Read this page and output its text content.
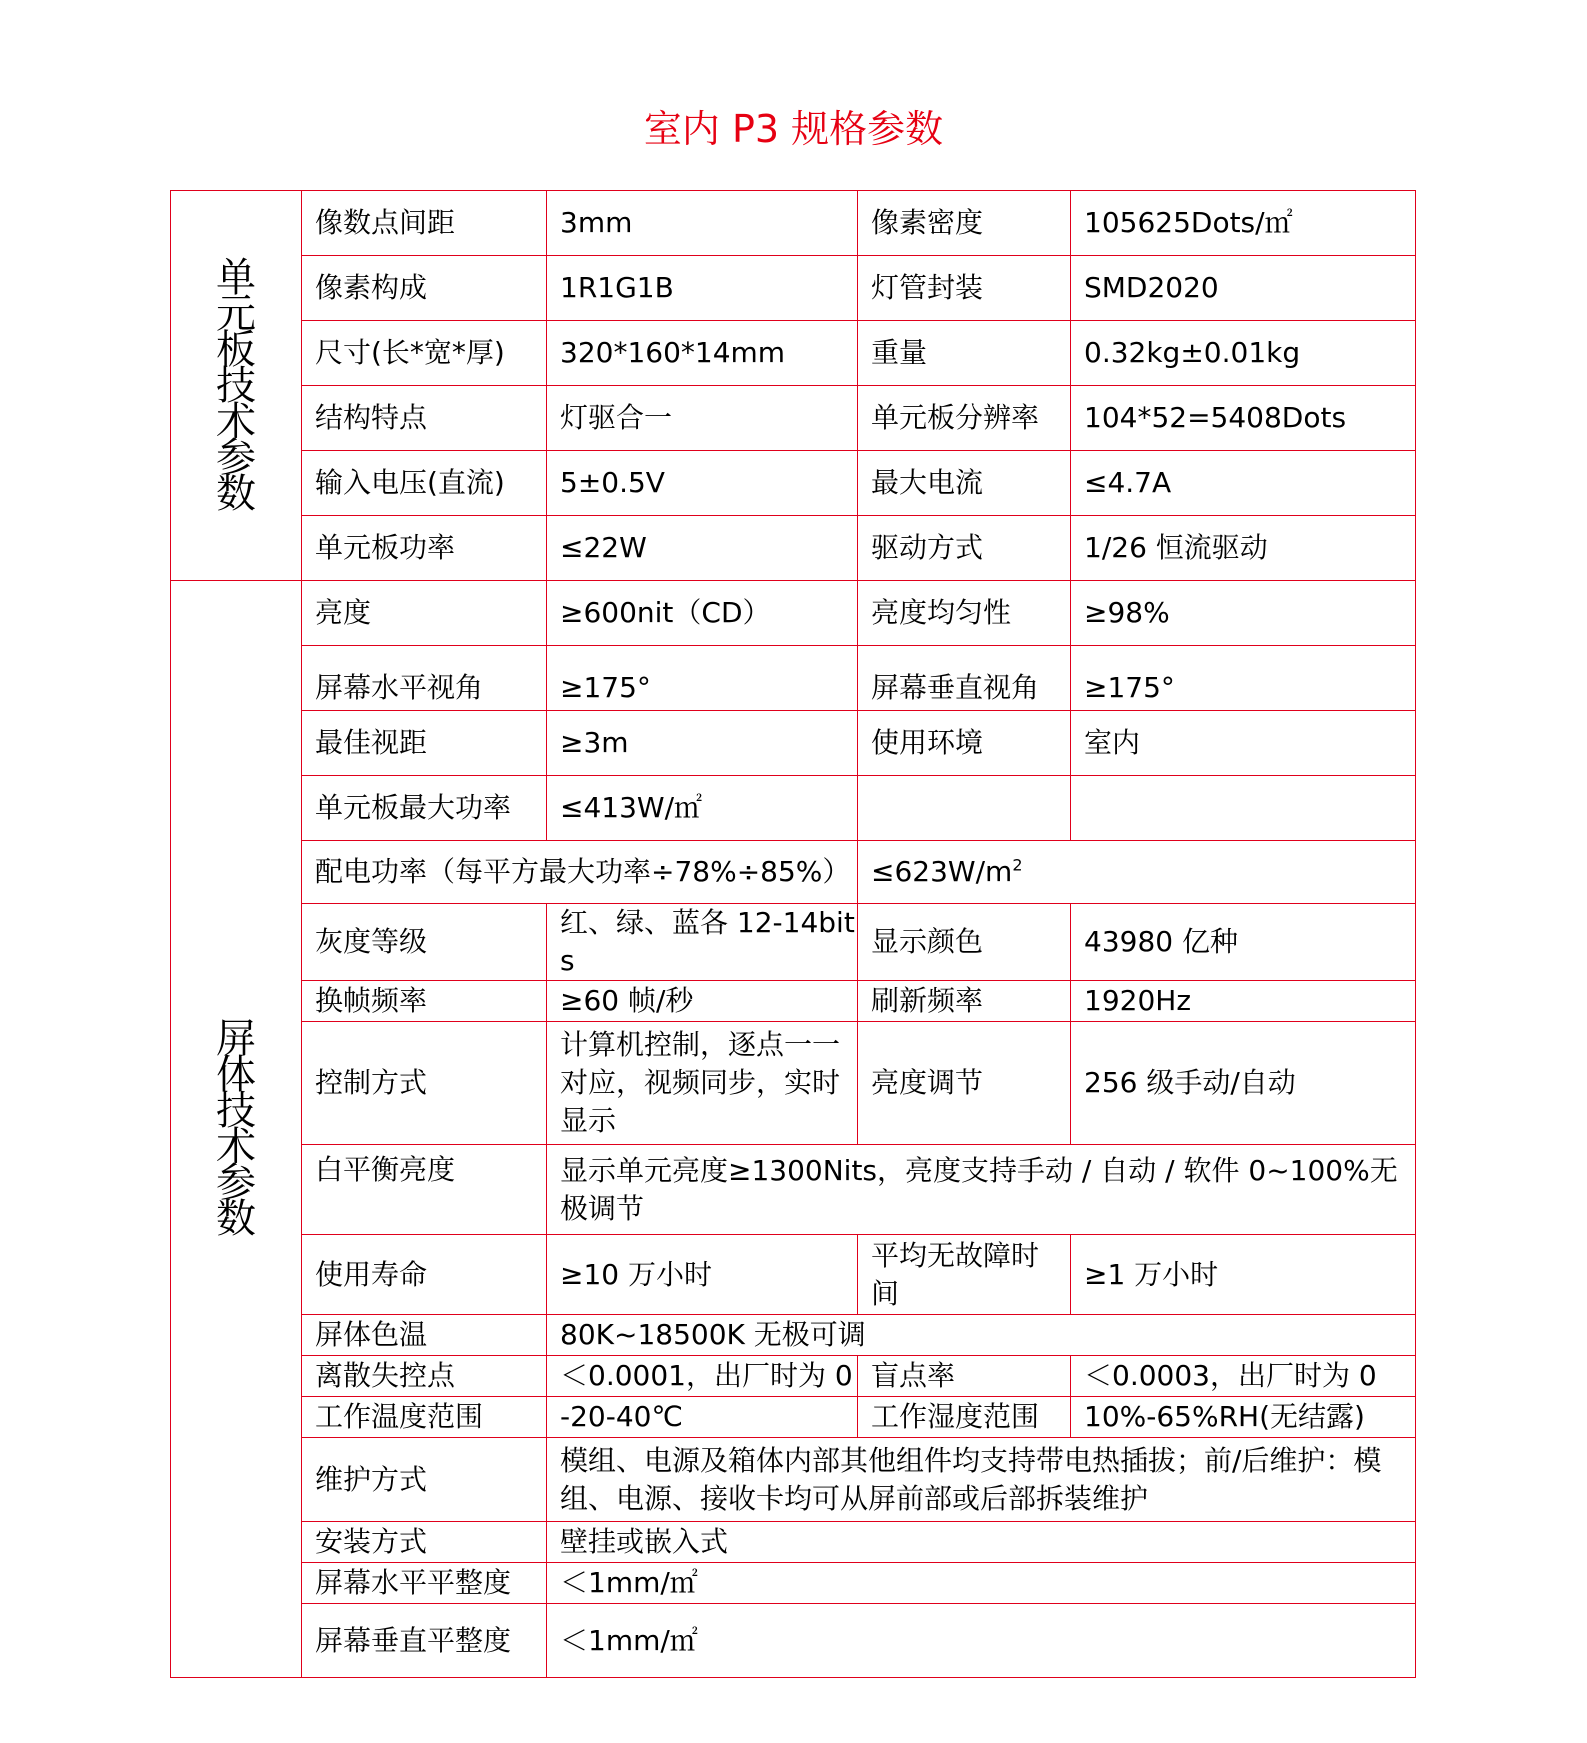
室内 P3 规格参数
单元板技术参数	像数点间距	3mm	像素密度	105625Dots/㎡
	像素构成	1R1G1B	灯管封装	SMD2020
	尺寸(长*宽*厚)	320*160*14mm	重量	0.32kg±0.01kg
	结构特点	灯驱合一	单元板分辨率	104*52=5408Dots
	输入电压(直流)	5±0.5V	最大电流	≤4.7A
	单元板功率	≤22W	驱动方式	1/26 恒流驱动
屏体技术参数	亮度	≥600nit（CD）	亮度均匀性	≥98%
	屏幕水平视角	≥175°	屏幕垂直视角	≥175°
	最佳视距	≥3m	使用环境	室内
	单元板最大功率	≤413W/㎡		
	配电功率（每平方最大功率÷78%÷85%）		$\le 623W/m^2$
	灰度等级	红、绿、蓝各 12-14bits	显示颜色	43980 亿种
	换帧频率	≥60 帧/秒	刷新频率	1920Hz
	控制方式	计算机控制，逐点一一对应，视频同步，实时显示	亮度调节	256 级手动/自动
	白平衡亮度	显示单元亮度≥1300Nits，亮度支持手动 / 自动 / 软件 0~100%无极调节		
	使用寿命	≥10 万小时	平均无故障时间	≥1 万小时
	屏体色温	80K~18500K 无极可调		
	离散失控点	＜0.0001，出厂时为 0	盲点率	＜0.0003，出厂时为 0
	工作温度范围	-20-40℃	工作湿度范围	10%-65%RH(无结露)
	维护方式	模组、电源及箱体内部其他组件均支持带电热插拔；前/后维护：模组、电源、接收卡均可从屏前部或后部拆装维护		
	安装方式	壁挂或嵌入式		
	屏幕水平平整度	＜1mm/㎡		
	屏幕垂直平整度	＜1mm/㎡		
